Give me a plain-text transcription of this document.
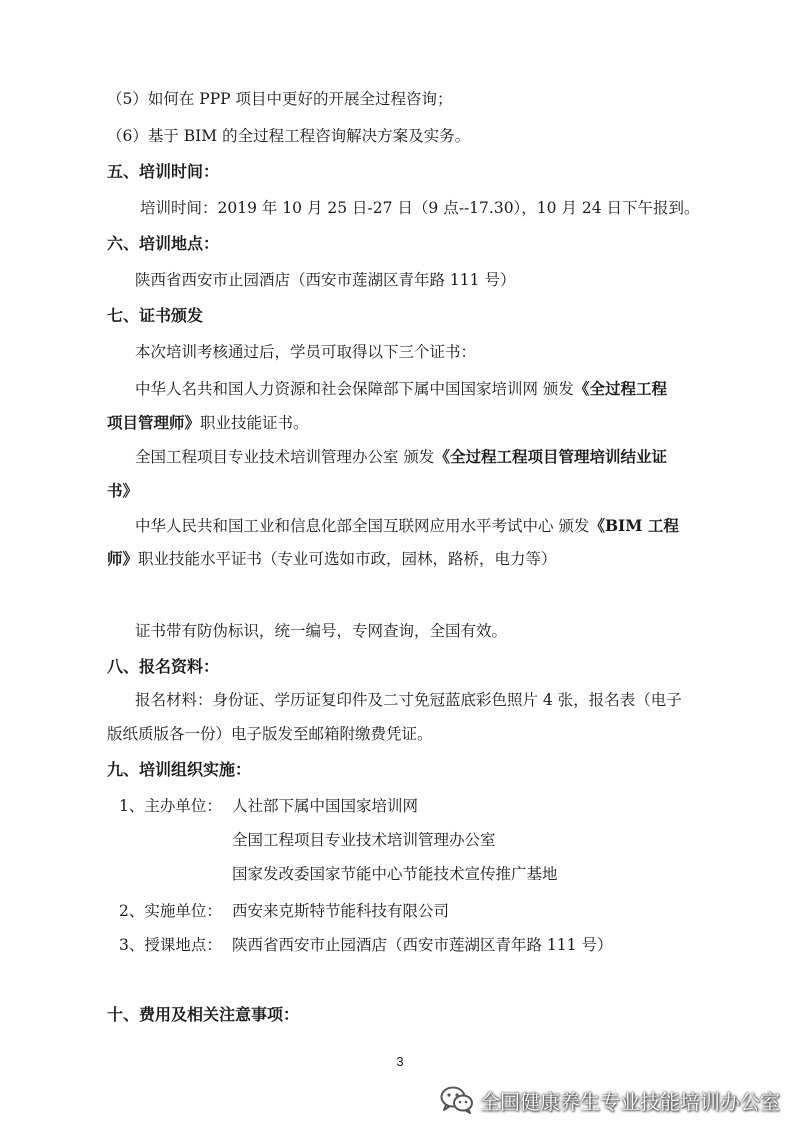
（5）如何在 PPP 项目中更好的开展全过程咨询；
（6）基于 BIM 的全过程工程咨询解决方案及实务。
五、培训时间：
培训时间：2019 年 10 月 25 日-27 日（9 点--17.30），10 月 24 日下午报到。
六、培训地点：
陕西省西安市止园酒店（西安市莲湖区青年路 111 号）
七、证书颁发
本次培训考核通过后，学员可取得以下三个证书：
中华人名共和国人力资源和社会保障部下属中国国家培训网 颁发《全过程工程
项目管理师》职业技能证书。
全国工程项目专业技术培训管理办公室 颁发《全过程工程项目管理培训结业证
书》
中华人民共和国工业和信息化部全国互联网应用水平考试中心 颁发《BIM 工程
师》职业技能水平证书（专业可选如市政，园林，路桥，电力等）
证书带有防伪标识，统一编号，专网查询，全国有效。
八、报名资料：
报名材料：身份证、学历证复印件及二寸免冠蓝底彩色照片 4 张，报名表（电子
版纸质版各一份）电子版发至邮箱附缴费凭证。
九、培训组织实施：
1、主办单位： 人社部下属中国国家培训网
全国工程项目专业技术培训管理办公室
国家发改委国家节能中心节能技术宣传推广基地
2、实施单位： 西安来克斯特节能科技有限公司
3、授课地点： 陕西省西安市止园酒店（西安市莲湖区青年路 111 号）
十、费用及相关注意事项：
3
全国健康养生专业技能培训办公室
